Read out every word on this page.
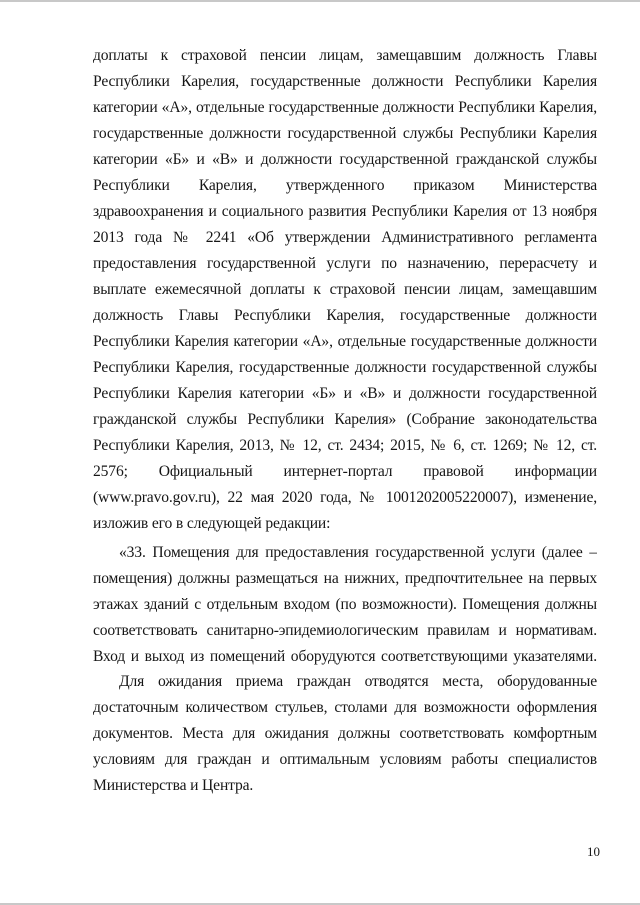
доплаты к страховой пенсии лицам, замещавшим должность Главы
Республики Карелия, государственные должности Республики Карелия
категории «А», отдельные государственные должности Республики Карелия,
государственные должности государственной службы Республики Карелия
категории «Б» и «В» и должности государственной гражданской службы
Республики Карелия, утвержденного приказом Министерства
здравоохранения и социального развития Республики Карелия от 13 ноября
2013 года № 2241 «Об утверждении Административного регламента
предоставления государственной услуги по назначению, перерасчету и
выплате ежемесячной доплаты к страховой пенсии лицам, замещавшим
должность Главы Республики Карелия, государственные должности
Республики Карелия категории «А», отдельные государственные должности
Республики Карелия, государственные должности государственной службы
Республики Карелия категории «Б» и «В» и должности государственной
гражданской службы Республики Карелия» (Собрание законодательства
Республики Карелия, 2013, № 12, ст. 2434; 2015, № 6, ст. 1269; № 12, ст.
2576; Официальный интернет-портал правовой информации
(www.pravo.gov.ru), 22 мая 2020 года, № 1001202005220007), изменение,
изложив его в следующей редакции:
«33. Помещения для предоставления государственной услуги (далее –
помещения) должны размещаться на нижних, предпочтительнее на первых
этажах зданий с отдельным входом (по возможности). Помещения должны
соответствовать санитарно-эпидемиологическим правилам и нормативам.
Вход и выход из помещений оборудуются соответствующими указателями.
Для ожидания приема граждан отводятся места, оборудованные
достаточным количеством стульев, столами для возможности оформления
документов. Места для ожидания должны соответствовать комфортным
условиям для граждан и оптимальным условиям работы специалистов
Министерства и Центра.
10
